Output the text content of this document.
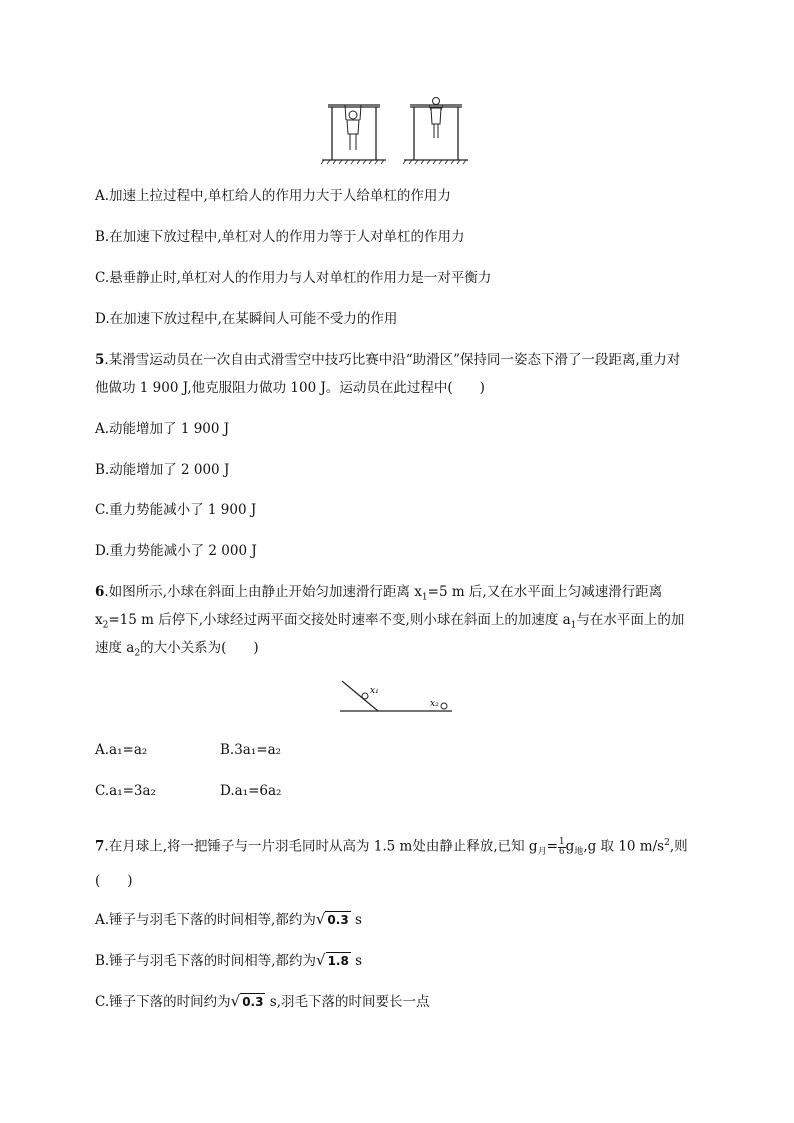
A.加速上拉过程中,单杠给人的作用力大于人给单杠的作用力
B.在加速下放过程中,单杠对人的作用力等于人对单杠的作用力
C.悬垂静止时,单杠对人的作用力与人对单杠的作用力是一对平衡力
D.在加速下放过程中,在某瞬间人可能不受力的作用
5.某滑雪运动员在一次自由式滑雪空中技巧比赛中沿“助滑区”保持同一姿态下滑了一段距离,重力对
他做功 1 900 J,他克服阻力做功 100 J。运动员在此过程中(　　)
A.动能增加了 1 900 J
B.动能增加了 2 000 J
C.重力势能减小了 1 900 J
D.重力势能减小了 2 000 J
6.如图所示,小球在斜面上由静止开始匀加速滑行距离 $x_1=5$ m 后,又在水平面上匀减速滑行距离
$x_2=15$ m 后停下,小球经过两平面交接处时速率不变,则小球在斜面上的加速度 $a_1$与在水平面上的加
速度 $a_2$的大小关系为(　　)
x₁
x₂
A.a₁=a₂	B.3a₁=a₂
C.a₁=3a₂	D.a₁=6a₂
7.在月球上,将一把锤子与一片羽毛同时从高为 1.5 m处由静止释放,已知 $g_月= \frac{1}{6} g_地,g$ 取 10 $m/s^2$,则
(　　)
A.锤子与羽毛下落的时间相等,都约为√ 0.3 s
B.锤子与羽毛下落的时间相等,都约为√ 1.8 s
C.锤子下落的时间约为√ 0.3 s,羽毛下落的时间要长一点
